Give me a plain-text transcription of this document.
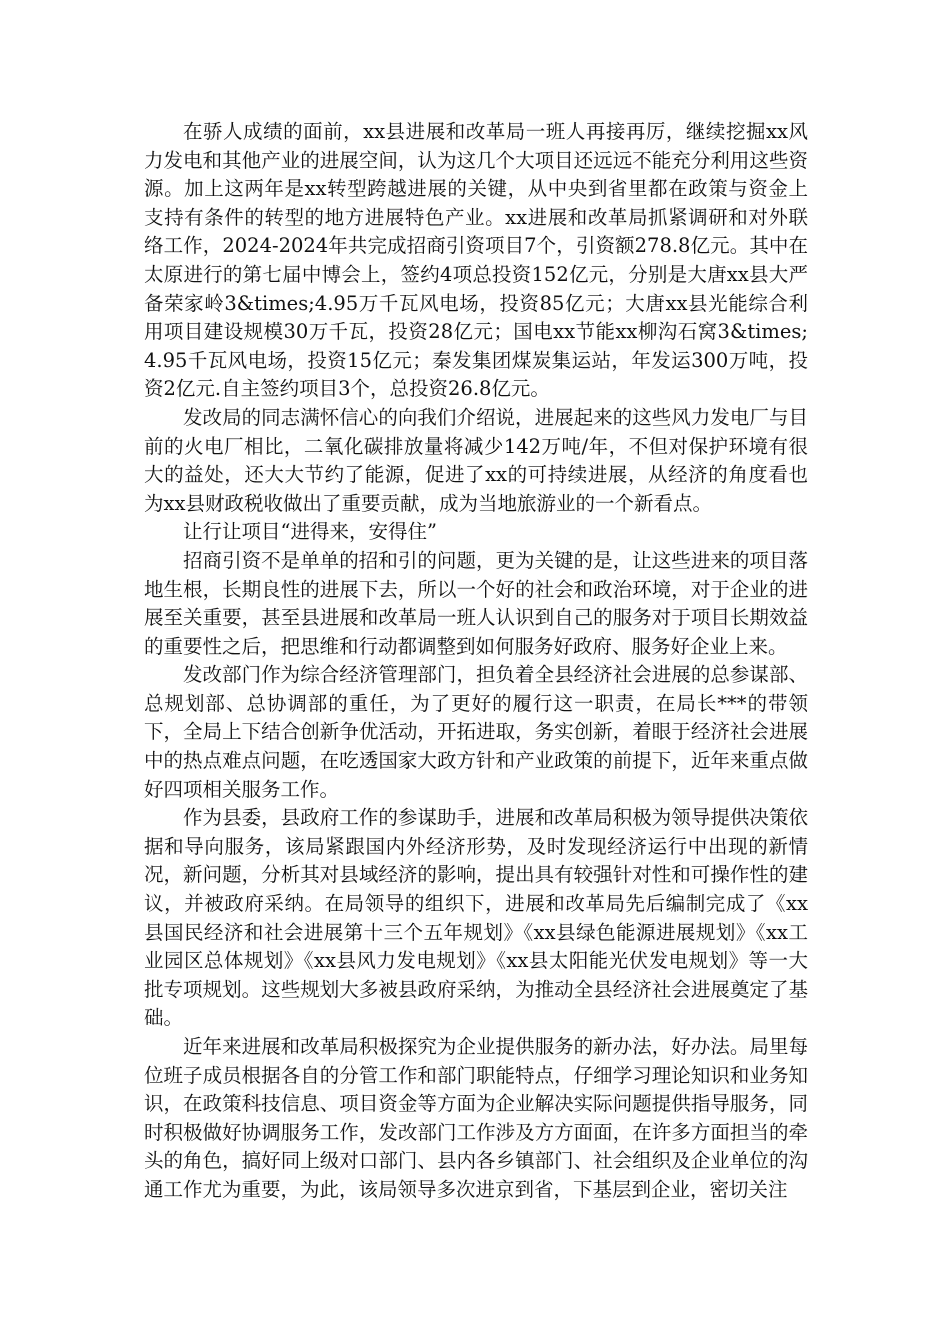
在骄人成绩的面前，xx县进展和改革局一班人再接再厉，继续挖掘xx风力发电和其他产业的进展空间，认为这几个大项目还远远不能充分利用这些资源。加上这两年是xx转型跨越进展的关键，从中央到省里都在政策与资金上支持有条件的转型的地方进展特色产业。xx进展和改革局抓紧调研和对外联络工作，2024-2024年共完成招商引资项目7个，引资额278.8亿元。其中在太原进行的第七届中博会上，签约4项总投资152亿元，分别是大唐xx县大严备荣家岭3&times;4.95万千瓦风电场，投资85亿元；大唐xx县光能综合利用项目建设规模30万千瓦，投资28亿元；国电xx节能xx柳沟石窝3&times;4.95千瓦风电场，投资15亿元；秦发集团煤炭集运站，年发运300万吨，投资2亿元.自主签约项目3个，总投资26.8亿元。

发改局的同志满怀信心的向我们介绍说，进展起来的这些风力发电厂与目前的火电厂相比，二氧化碳排放量将减少142万吨/年，不但对保护环境有很大的益处，还大大节约了能源，促进了xx的可持续进展，从经济的角度看也为xx县财政税收做出了重要贡献，成为当地旅游业的一个新看点。

让行让项目“进得来，安得住”

招商引资不是单单的招和引的问题，更为关键的是，让这些进来的项目落地生根，长期良性的进展下去，所以一个好的社会和政治环境，对于企业的进展至关重要，甚至县进展和改革局一班人认识到自己的服务对于项目长期效益的重要性之后，把思维和行动都调整到如何服务好政府、服务好企业上来。

发改部门作为综合经济管理部门，担负着全县经济社会进展的总参谋部、总规划部、总协调部的重任，为了更好的履行这一职责，在局长***的带领下，全局上下结合创新争优活动，开拓进取，务实创新，着眼于经济社会进展中的热点难点问题，在吃透国家大政方针和产业政策的前提下，近年来重点做好四项相关服务工作。

作为县委，县政府工作的参谋助手，进展和改革局积极为领导提供决策依据和导向服务，该局紧跟国内外经济形势，及时发现经济运行中出现的新情况，新问题，分析其对县域经济的影响，提出具有较强针对性和可操作性的建议，并被政府采纳。在局领导的组织下，进展和改革局先后编制完成了《xx县国民经济和社会进展第十三个五年规划》《xx县绿色能源进展规划》《xx工业园区总体规划》《xx县风力发电规划》《xx县太阳能光伏发电规划》等一大批专项规划。这些规划大多被县政府采纳，为推动全县经济社会进展奠定了基础。

近年来进展和改革局积极探究为企业提供服务的新办法，好办法。局里每位班子成员根据各自的分管工作和部门职能特点，仔细学习理论知识和业务知识，在政策科技信息、项目资金等方面为企业解决实际问题提供指导服务，同时积极做好协调服务工作，发改部门工作涉及方方面面，在许多方面担当的牵头的角色，搞好同上级对口部门、县内各乡镇部门、社会组织及企业单位的沟通工作尤为重要，为此，该局领导多次进京到省，下基层到企业，密切关注
